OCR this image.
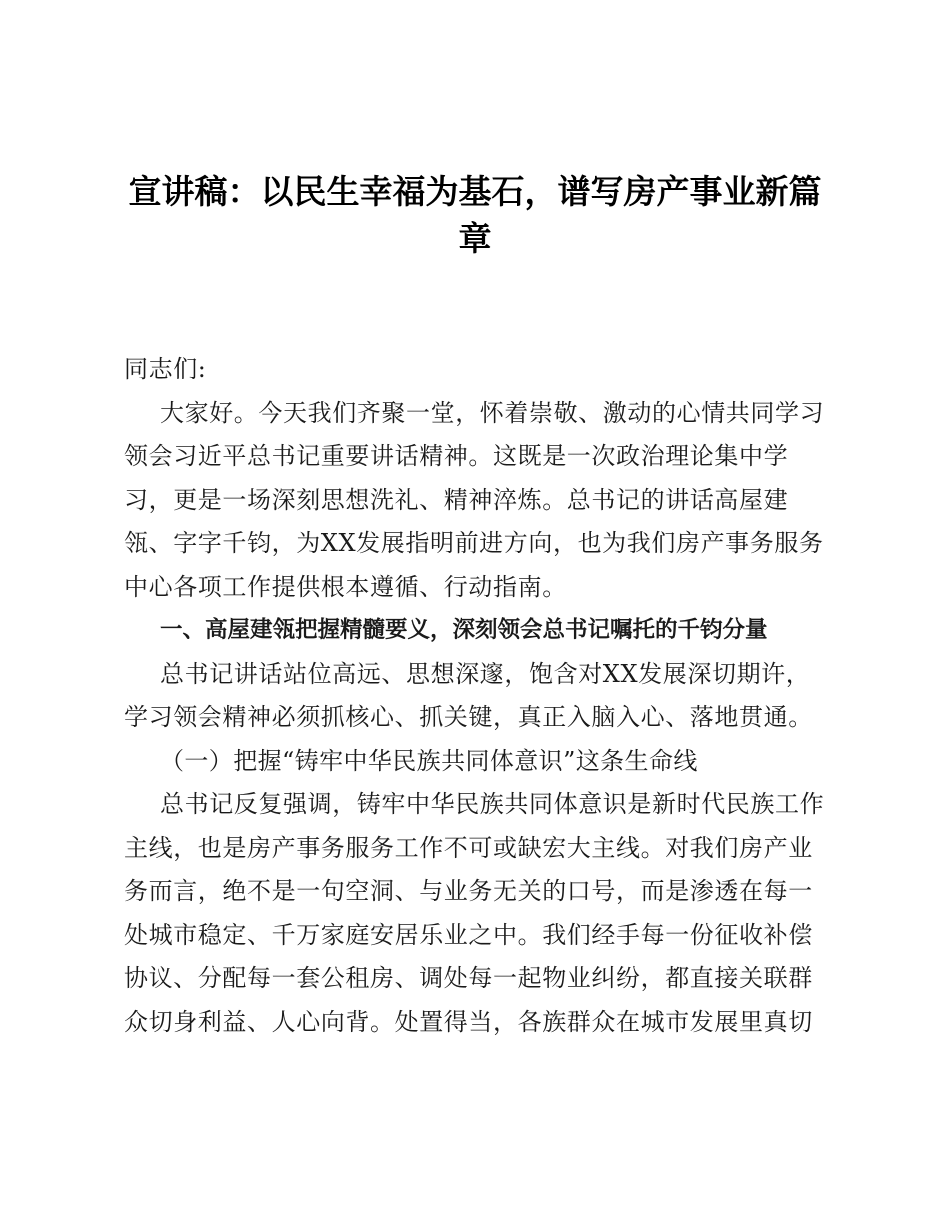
宣讲稿：以民生幸福为基石，谱写房产事业新篇章

同志们:

大家好。今天我们齐聚一堂，怀着崇敬、激动的心情共同学习领会习近平总书记重要讲话精神。这既是一次政治理论集中学习，更是一场深刻思想洗礼、精神淬炼。总书记的讲话高屋建瓴、字字千钧，为XX发展指明前进方向，也为我们房产事务服务中心各项工作提供根本遵循、行动指南。

一、高屋建瓴把握精髓要义，深刻领会总书记嘱托的千钧分量

总书记讲话站位高远、思想深邃，饱含对XX发展深切期许，学习领会精神必须抓核心、抓关键，真正入脑入心、落地贯通。

（一）把握“铸牢中华民族共同体意识”这条生命线

总书记反复强调，铸牢中华民族共同体意识是新时代民族工作主线，也是房产事务服务工作不可或缺宏大主线。对我们房产业务而言，绝不是一句空洞、与业务无关的口号，而是渗透在每一处城市稳定、千万家庭安居乐业之中。我们经手每一份征收补偿协议、分配每一套公租房、调处每一起物业纠纷，都直接关联群众切身利益、人心向背。处置得当，各族群众在城市发展里真切
